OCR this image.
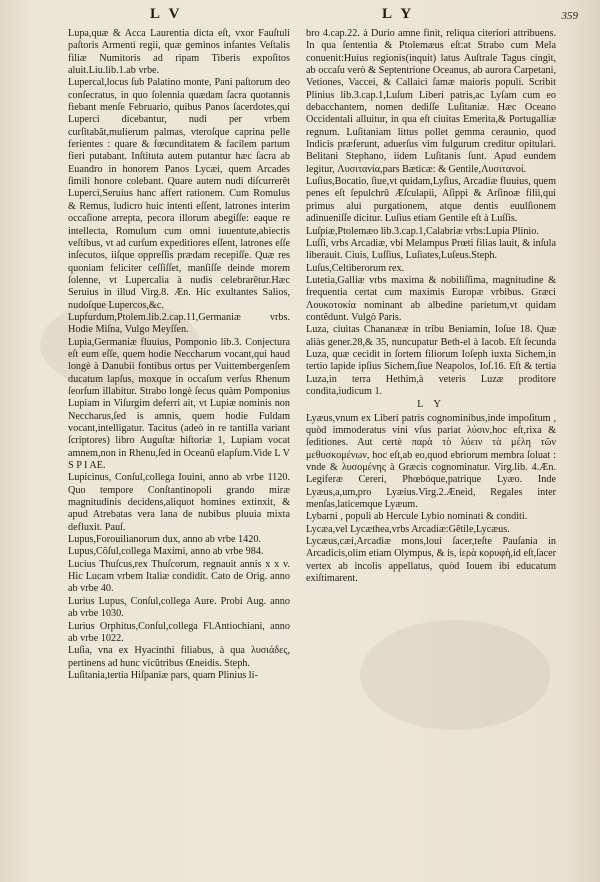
L V	L Y	359

Lupa,quæ & Acca Laurentia dicta eſt, vxor Fauſtuli paſtoris Armenti regii, quæ geminos infantes Veſtalis filiæ Numitoris ad ripam Tiberis expoſitos aluit.Liu.lib.1.ab vrbe.

Lupercal,locus ſub Palatino monte, Pani paſtorum deo conſecratus, in quo ſolennia quædam ſacra quotannis fiebant menſe Februario, quibus Panos ſacerdotes,qui Luperci dicebantur, nudi per vrbem curſitabãt,mulierum palmas, vteroſque caprina pelle ferientes : quare & fœcunditatem & facilem partum fieri putabant. Inſtituta autem putantur hæc ſacra ab Euandro in honorem Panos Lycæi, quem Arcades ſimili honore colebant. Quare autem nudi diſcurrerẽt Luperci,Seruius hanc affert rationem. Cum Romulus & Remus, ludicro huic intenti eſſent, latrones interim occaſione arrepta, pecora illorum abegiſſe: eaque re intellecta, Romulum cum omni iuuentute,abiectis veſtibus, vt ad curſum expeditiores eſſent, latrones eſſe inſecutos, iiſque oppreſſis prædam recepiſſe. Quæ res quoniam feliciter ceſſiſſet, manſiſſe deinde morem ſolenne, vt Lupercalia à nudis celebrarẽtur.Hæc Seruius in illud Virg.8. Æn. Hic exultantes Salios, nudoſque Lupercos,&c.

Lupfurdum,Ptolem.lib.2.cap.11,Germaniæ vrbs. Hodie Miſna, Vulgo Meyſſen.

Lupia,Germaniæ fluuius, Pomponio lib.3. Conjectura eſt eum eſſe, quem hodie Neccharum vocant,qui haud longè à Danubii fontibus ortus per Vuittembergenſem ducatum lapſus, moxque in occaſum verſus Rhenum ſeorſum illabitur. Strabo longè ſecus quàm Pomponius Lupiam in Viſurgim deferri ait, vt Lupiæ nominis non Neccharus,ſed is amnis, quem hodie Fuldam vocant,intelligatur. Tacitus (adeò in re tantilla variant ſcriptores) libro Auguſtæ hiſtoriæ 1, Lupiam vocat amnem,non in Rhenu,ſed in Oceanũ elapſum.Vide L V S P I AE.

Lupicinus, Conſul,collega Iouini, anno ab vrbe 1120. Quo tempore Conſtantinopoli grando miræ magnitudinis decidens,aliquot homines extinxit, & apud Atrebatas vera lana de nubibus pluuia mixta defluxit. Pauſ.

Lupus,Forouilianorum dux, anno ab vrbe 1420.

Lupus,Cõſul,collega Maximi, anno ab vrbe 984.

Lucius Thuſcus,rex Thuſcorum, regnauit annis x x v. Hic Lucam vrbem Italiæ condidit. Cato de Orig. anno ab vrbe 40.

Lurius Lupus, Conſul,collega Aure. Probi Aug. anno ab vrbe 1030.

Lurius Orphitus,Conſul,collega Fl.Antiochiani, anno ab vrbe 1022.

Luſia, vna ex Hyacinthi filiabus, à qua λυσιάδες, pertinens ad hunc vicũtribus Œneidis. Steph.

Luſitania,tertia Hiſpaniæ pars, quam Plinius li-

bro 4.cap.22. à Durio amne finit, reliqua citeriori attribuens. In qua ſententia & Ptolemæus eſt:at Strabo cum Mela conuenit:Huius regionis(inquit) latus Auſtrale Tagus cingit, ab occaſu verò & Septentrione Oceanus, ab aurora Carpetani, Vetiones, Vaccei, & Callaici ſamæ maioris populi. Scribit Plinius lib.3.cap.1,Luſum Liberi patris,ac Lyſam cum eo debacchantem, nomen dediſſe Luſitaniæ. Hæc Oceano Occidentali alluitur, in qua eſt ciuitas Emerita,& Portugalliæ regnum. Luſitaniam littus pollet gemma ceraunio, quod Indicis præferunt, aduerſus vim fulgurum creditur opitulari. Belitani Stephano, iidem Luſitanis ſunt. Apud eundem legitur, Λυσιτανία,pars Bæticæ: & Gentile,Λυσιτανοί.

Luſius,Bocatio, ſiue,vt quidam,Lyſius, Arcadiæ fluuius, quem penes eſt ſepulchrũ Æſculapii, Aſippi & Arſinoæ filii,qui primus alui purgationem, atque dentis euulſionem adinueniſſe dicitur. Luſius etiam Gentile eſt à Luſſis.

Luſpiæ,Ptolemæo lib.3.cap.1,Calabriæ vrbs:Lupia Plinio.

Luſſi, vrbs Arcadiæ, vbi Melampus Prœti filias lauit, & inſula liberauit. Ciuis, Luſſius, Luſiates,Luſeus.Steph.

Luſus,Celtiberorum rex.

Lutetia,Galliæ vrbs maxima & nobiliſſima, magnitudine & frequentia certat cum maximis Europæ vrbibus. Græci Λουκοτοκία nominant ab albedine parietum,vt quidam contẽdunt. Vulgò Paris.

Luza, ciuitas Chananææ in tribu Beniamin, Ioſue 18. Quæ aliàs gener.28,& 35, nuncupatur Beth-el à Iacob. Eſt ſecunda Luza, quæ cecidit in ſortem filiorum Ioſeph iuxta Sichem,in tertio lapide ipſius Sichem,ſiue Neapolos, Ioſ.16. Eſt & tertia Luza,in terra Hethim,à veteris Luzæ proditore condita,iudicum 1.

L Y

Lyæus,vnum ex Liberi patris cognominibus,inde impoſitum , quòd immoderatus vini vſus pariat λύσιν,hoc eſt,rixa & ſeditiones. Aut certè παρὰ τὸ λύειν τὰ μέλη τῶν μεθυσκομένων, hoc eſt,ab eo,quod ebriorum membra ſoluat : vnde & λυσομένης à Græcis cognominatur. Virg.lib. 4.Æn. Legiferæ Cereri, Phœbóque,patrique Lyæo. Inde Lyæus,a,um,pro Lyæius.Virg.2.Æneid, Regales inter menſas,laticemque Lyæum.

Lybarni , populi ab Hercule Lybio nominati & conditi.

Lycæa,vel Lycæthea,vrbs Arcadiæ:Gẽtile,Lycæus.

Lycæus,cæi,Arcadiæ mons,loui ſacer,teſte Pauſania in Arcadicis,olim etiam Olympus, & is, ἱερὰ κορυφὴ,id eſt,ſacer vertex ab incolis appellatus, quòd Iouem ibi educatum exiſtimarent.
